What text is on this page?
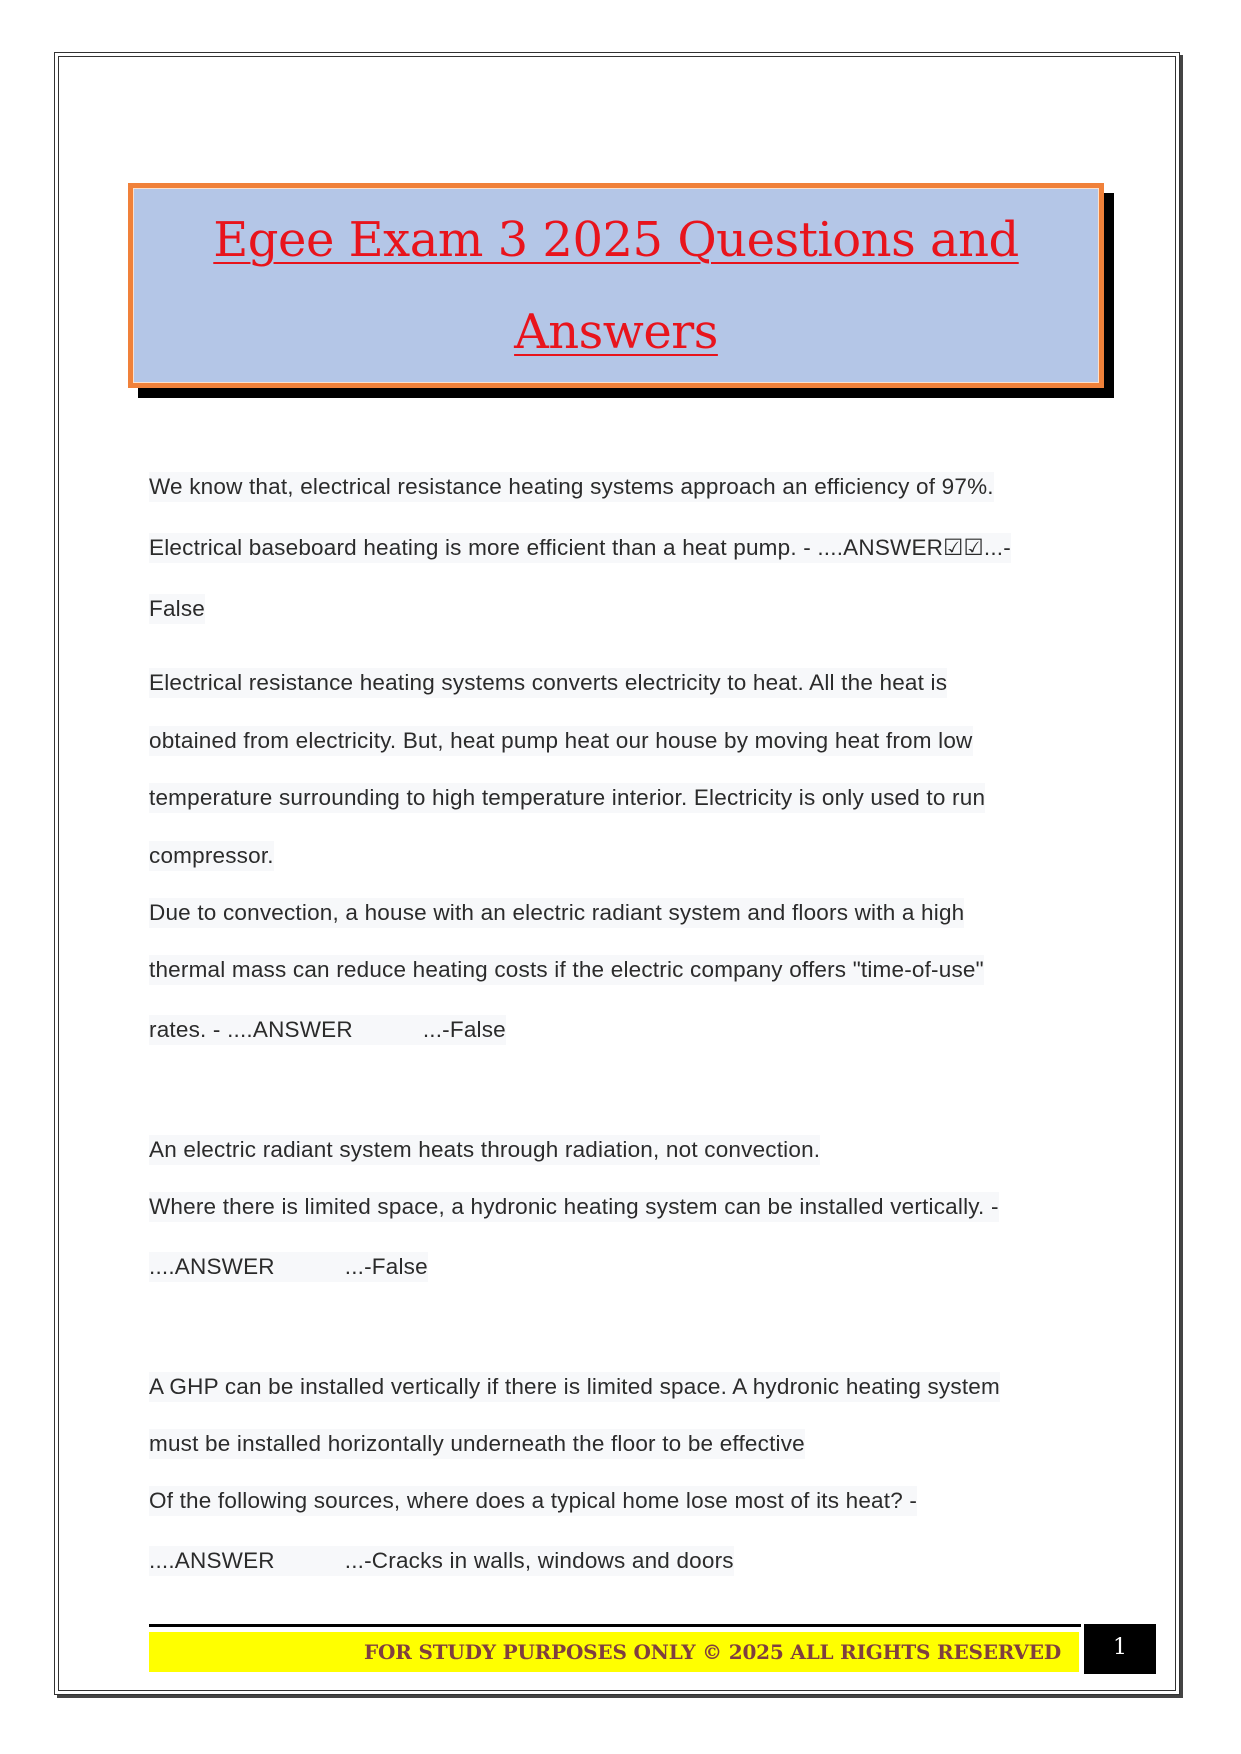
Egee Exam 3 2025 Questions and
Answers
We know that, electrical resistance heating systems approach an efficiency of 97%.
Electrical baseboard heating is more efficient than a heat pump. - ....ANSWER☑☑...-
False
Electrical resistance heating systems converts electricity to heat. All the heat is
obtained from electricity. But, heat pump heat our house by moving heat from low
temperature surrounding to high temperature interior. Electricity is only used to run
compressor.
Due to convection, a house with an electric radiant system and floors with a high
thermal mass can reduce heating costs if the electric company offers "time-of-use"
rates. - ....ANSWER	...-False
An electric radiant system heats through radiation, not convection.
Where there is limited space, a hydronic heating system can be installed vertically. -
....ANSWER	...-False
A GHP can be installed vertically if there is limited space. A hydronic heating system
must be installed horizontally underneath the floor to be effective
Of the following sources, where does a typical home lose most of its heat? -
....ANSWER	...-Cracks in walls, windows and doors
FOR STUDY PURPOSES ONLY © 2025 ALL RIGHTS RESERVED	1
